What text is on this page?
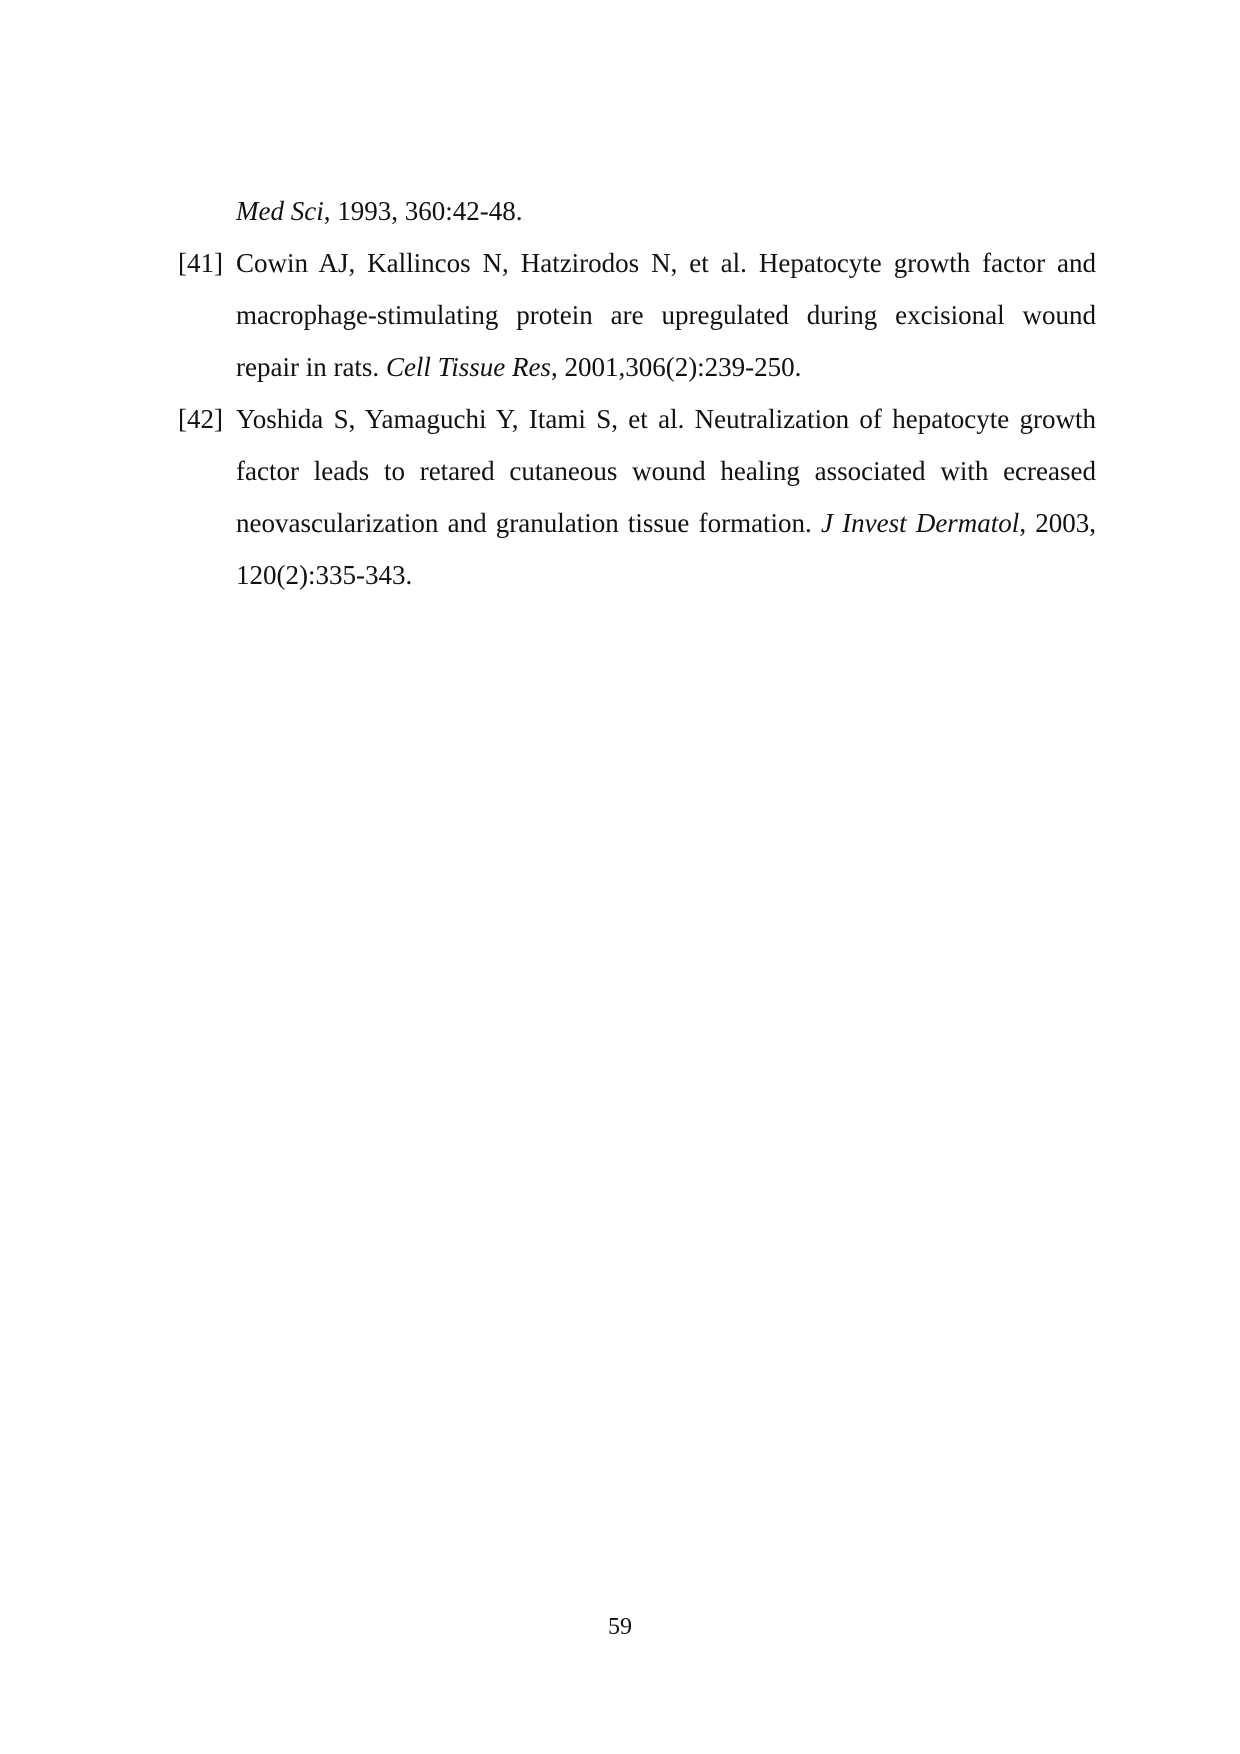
Med Sci, 1993, 360:42-48.
[41] Cowin AJ, Kallincos N, Hatzirodos N, et al. Hepatocyte growth factor and macrophage-stimulating protein are upregulated during excisional wound repair in rats. Cell Tissue Res, 2001,306(2):239-250.
[42] Yoshida S, Yamaguchi Y, Itami S, et al. Neutralization of hepatocyte growth factor leads to retared cutaneous wound healing associated with ecreased neovascularization and granulation tissue formation. J Invest Dermatol, 2003, 120(2):335-343.
59
